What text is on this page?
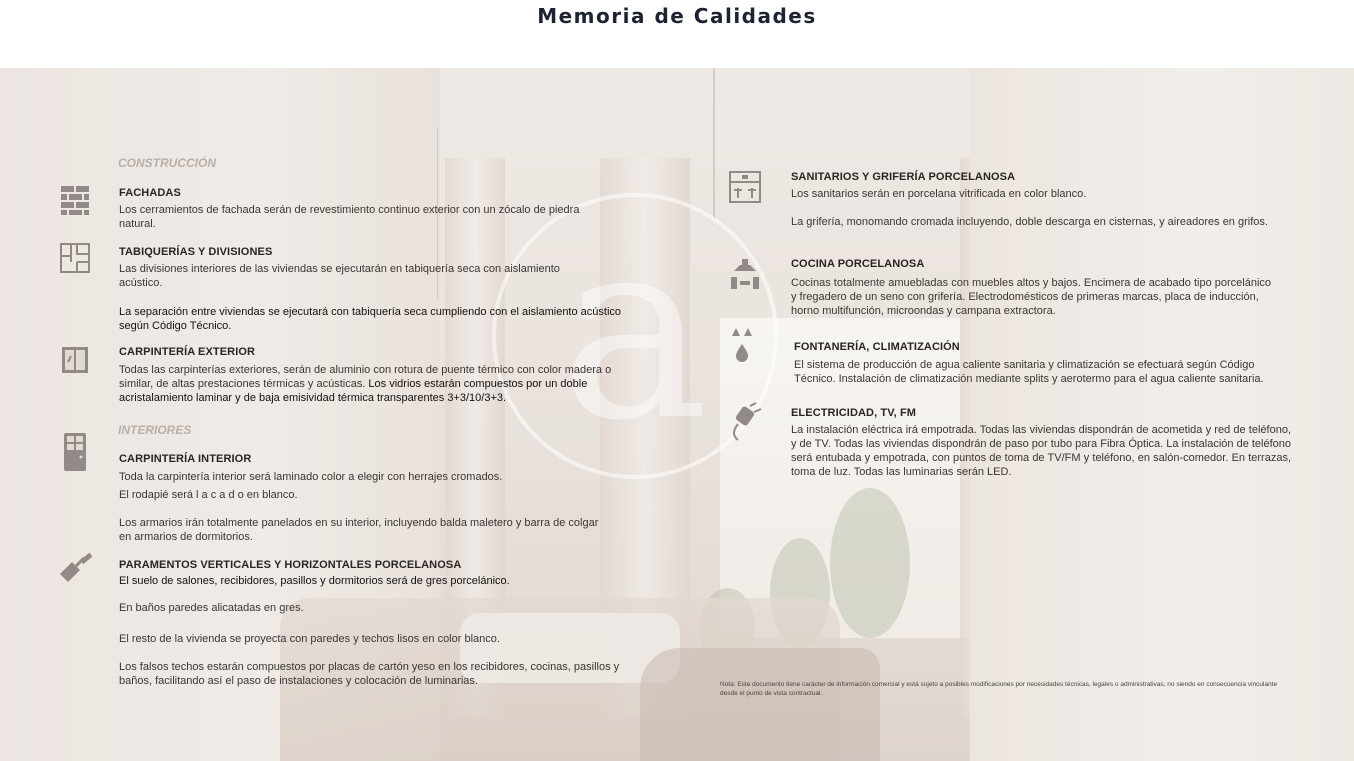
Memoria de Calidades
a
CONSTRUCCIÓN
FACHADAS
Los cerramientos de fachada serán de revestimiento continuo exterior con un zócalo de piedra natural.
TABIQUERÍAS Y DIVISIONES
Las divisiones interiores de las viviendas se ejecutarán en tabiquería seca con aislamiento acústico.
La separación entre viviendas se ejecutará con tabiquería seca cumpliendo con el aislamiento acústico según Código Técnico.
CARPINTERÍA EXTERIOR
Todas las carpinterías exteriores, serán de aluminio con rotura de puente térmico con color madera o similar, de altas prestaciones térmicas y acústicas. Los vidrios estarán compuestos por un doble acristalamiento laminar y de baja emisividad térmica transparentes 3+3/10/3+3.
INTERIORES
CARPINTERÍA INTERIOR
Toda la carpintería interior será laminado color a elegir con herrajes cromados.
El rodapié será l a c a d o en blanco.
Los armarios irán totalmente panelados en su interior, incluyendo balda maletero y barra de colgar en armarios de dormitorios.
PARAMENTOS VERTICALES Y HORIZONTALES PORCELANOSA
El suelo de salones, recibidores, pasillos y dormitorios será de gres porcelánico.
En baños paredes alicatadas en gres.
El resto de la vivienda se proyecta con paredes y techos lisos en color blanco.
Los falsos techos estarán compuestos por placas de cartón yeso en los recibidores, cocinas, pasillos y baños, facilitando así el paso de instalaciones y colocación de luminarias.
SANITARIOS Y GRIFERÍA PORCELANOSA
Los sanitarios serán en porcelana vitrificada en color blanco.
La grifería, monomando cromada incluyendo, doble descarga en cisternas, y aireadores en grifos.
COCINA PORCELANOSA
Cocinas totalmente amuebladas con muebles altos y bajos. Encimera de acabado tipo porcelánico y fregadero de un seno con grifería. Electrodomésticos de primeras marcas, placa de inducción, horno multifunción, microondas y campana extractora.
FONTANERÍA, CLIMATIZACIÓN
El sistema de producción de agua caliente sanitaria y climatización se efectuará según Código Técnico. Instalación de climatización mediante splits y aerotermo para el agua caliente sanitaria.
ELECTRICIDAD, TV, FM
La instalación eléctrica irá empotrada. Todas las viviendas dispondrán de acometida y red de teléfono, y de TV. Todas las viviendas dispondrán de paso por tubo para Fibra Óptica. La instalación de teléfono será entubada y empotrada, con puntos de toma de TV/FM y teléfono, en salón-comedor. En terrazas, toma de luz. Todas las luminarias serán LED.
Nota: Este documento tiene carácter de información comercial y está sujeto a posibles modificaciones por necesidades técnicas, legales o administrativas, no siendo en consecuencia vinculante desde el punto de vista contractual.
